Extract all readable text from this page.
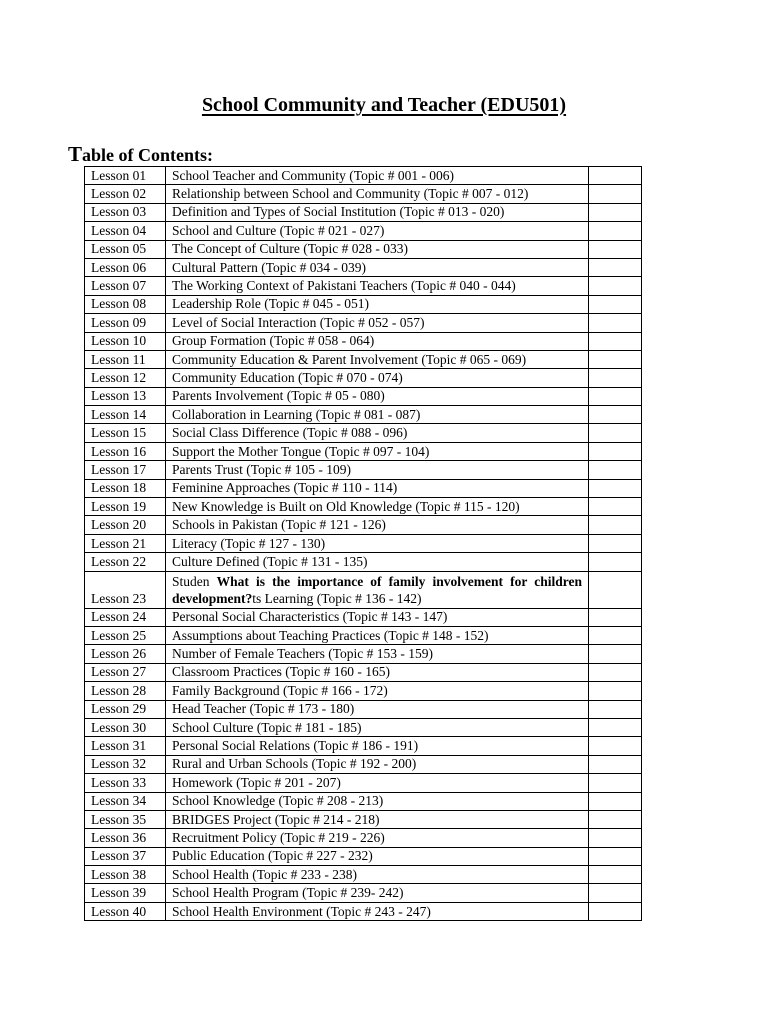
School Community and Teacher (EDU501)
Table of Contents:
Lesson 01	School Teacher and Community (Topic # 001 - 006)	
Lesson 02	Relationship between School and Community (Topic # 007 - 012)	
Lesson 03	Definition and Types of Social Institution (Topic # 013 - 020)	
Lesson 04	School and Culture (Topic # 021 - 027)	
Lesson 05	The Concept of Culture (Topic # 028 - 033)	
Lesson 06	Cultural Pattern (Topic # 034 - 039)	
Lesson 07	The Working Context of Pakistani Teachers (Topic # 040 - 044)	
Lesson 08	Leadership Role (Topic # 045 - 051)	
Lesson 09	Level of Social Interaction (Topic # 052 - 057)	
Lesson 10	Group Formation (Topic # 058 - 064)	
Lesson 11	Community Education & Parent Involvement (Topic # 065 - 069)	
Lesson 12	Community Education (Topic # 070 - 074)	
Lesson 13	Parents Involvement (Topic # 05 - 080)	
Lesson 14	Collaboration in Learning (Topic # 081 - 087)	
Lesson 15	Social Class Difference (Topic # 088 - 096)	
Lesson 16	Support the Mother Tongue (Topic # 097 - 104)	
Lesson 17	Parents Trust (Topic # 105 - 109)	
Lesson 18	Feminine Approaches (Topic # 110 - 114)	
Lesson 19	New Knowledge is Built on Old Knowledge (Topic # 115 - 120)	
Lesson 20	Schools in Pakistan (Topic # 121 - 126)	
Lesson 21	Literacy (Topic # 127 - 130)	
Lesson 22	Culture Defined (Topic # 131 - 135)	
Lesson 23	Studen What is the importance of family involvement for children development?ts Learning (Topic # 136 - 142)	
Lesson 24	Personal Social Characteristics (Topic # 143 - 147)	
Lesson 25	Assumptions about Teaching Practices (Topic # 148 - 152)	
Lesson 26	Number of Female Teachers (Topic # 153 - 159)	
Lesson 27	Classroom Practices (Topic # 160 - 165)	
Lesson 28	Family Background (Topic # 166 - 172)	
Lesson 29	Head Teacher (Topic # 173 - 180)	
Lesson 30	School Culture (Topic # 181 - 185)	
Lesson 31	Personal Social Relations (Topic # 186 - 191)	
Lesson 32	Rural and Urban Schools (Topic # 192 - 200)	
Lesson 33	Homework (Topic # 201 - 207)	
Lesson 34	School Knowledge (Topic # 208 - 213)	
Lesson 35	BRIDGES Project (Topic # 214 - 218)	
Lesson 36	Recruitment Policy (Topic # 219 - 226)	
Lesson 37	Public Education (Topic # 227 - 232)	
Lesson 38	School Health (Topic # 233 - 238)	
Lesson 39	School Health Program (Topic # 239- 242)	
Lesson 40	School Health Environment (Topic # 243 - 247)	
